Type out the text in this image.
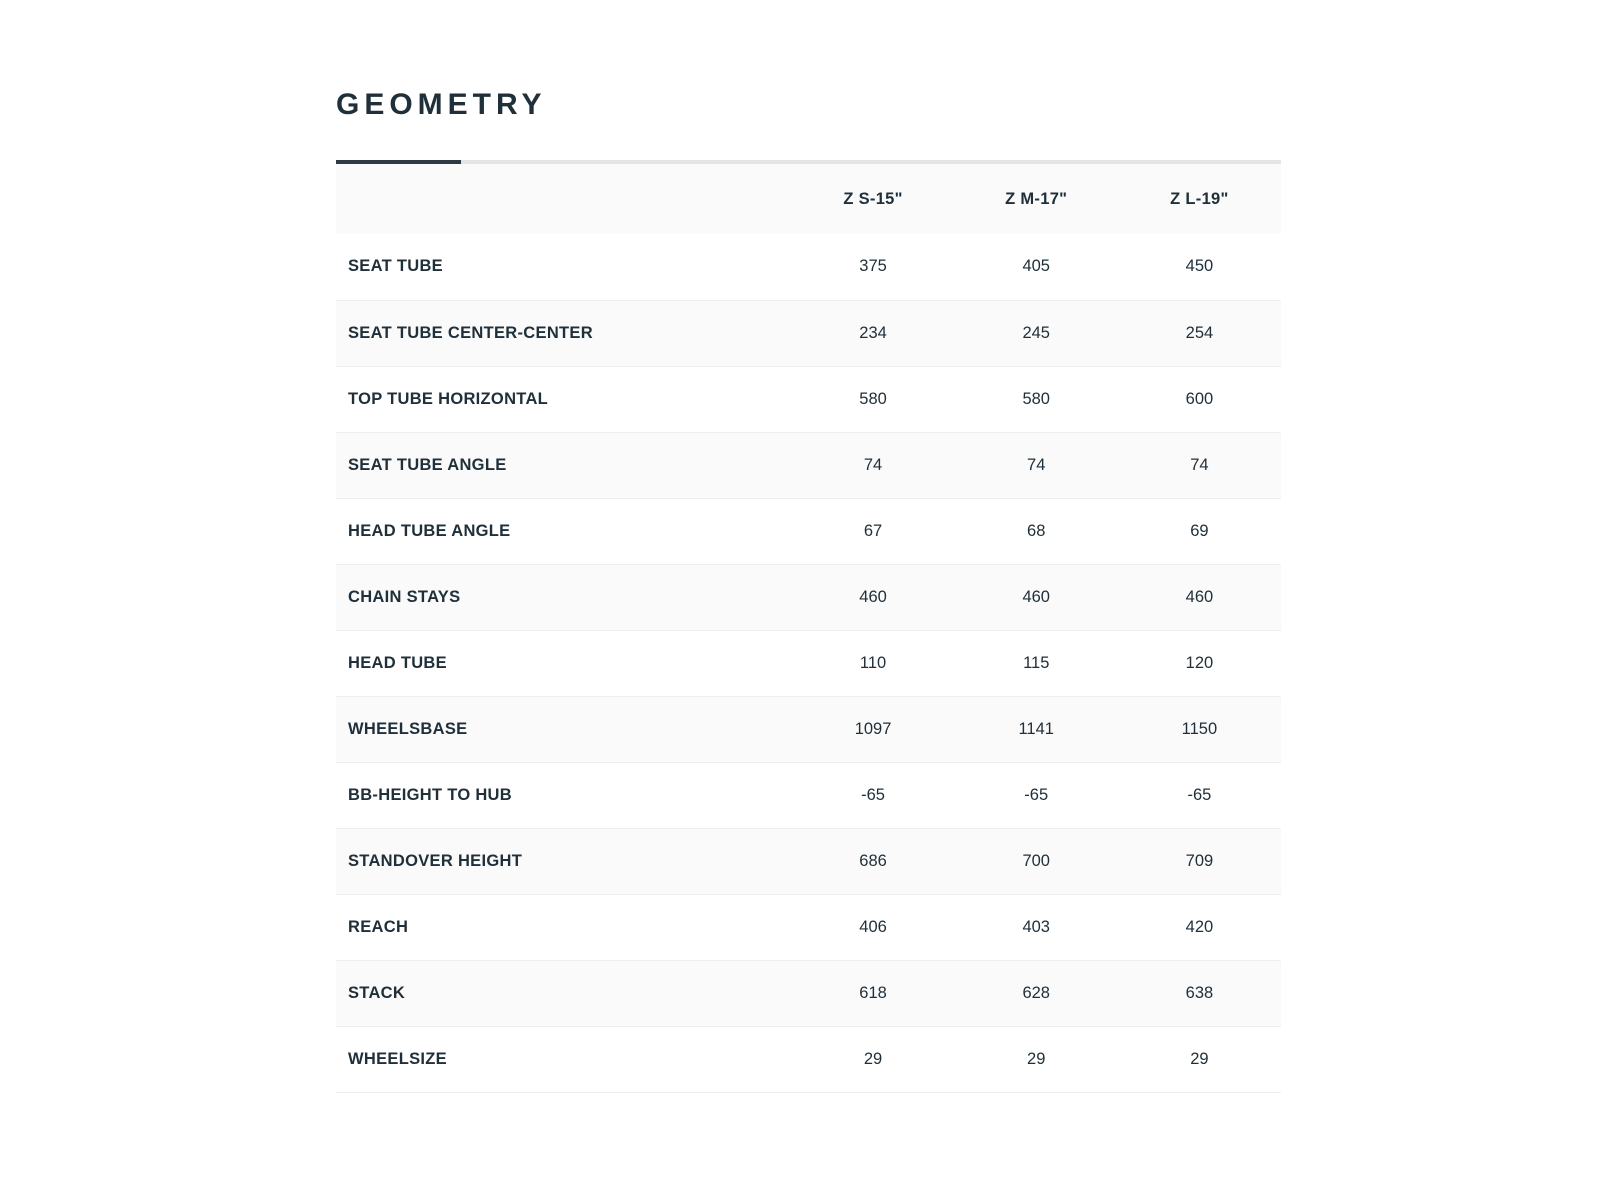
GEOMETRY
	Z S-15"	Z M-17"	Z L-19"
SEAT TUBE	375	405	450
SEAT TUBE CENTER-CENTER	234	245	254
TOP TUBE HORIZONTAL	580	580	600
SEAT TUBE ANGLE	74	74	74
HEAD TUBE ANGLE	67	68	69
CHAIN STAYS	460	460	460
HEAD TUBE	110	115	120
WHEELSBASE	1097	1141	1150
BB-HEIGHT TO HUB	-65	-65	-65
STANDOVER HEIGHT	686	700	709
REACH	406	403	420
STACK	618	628	638
WHEELSIZE	29	29	29
